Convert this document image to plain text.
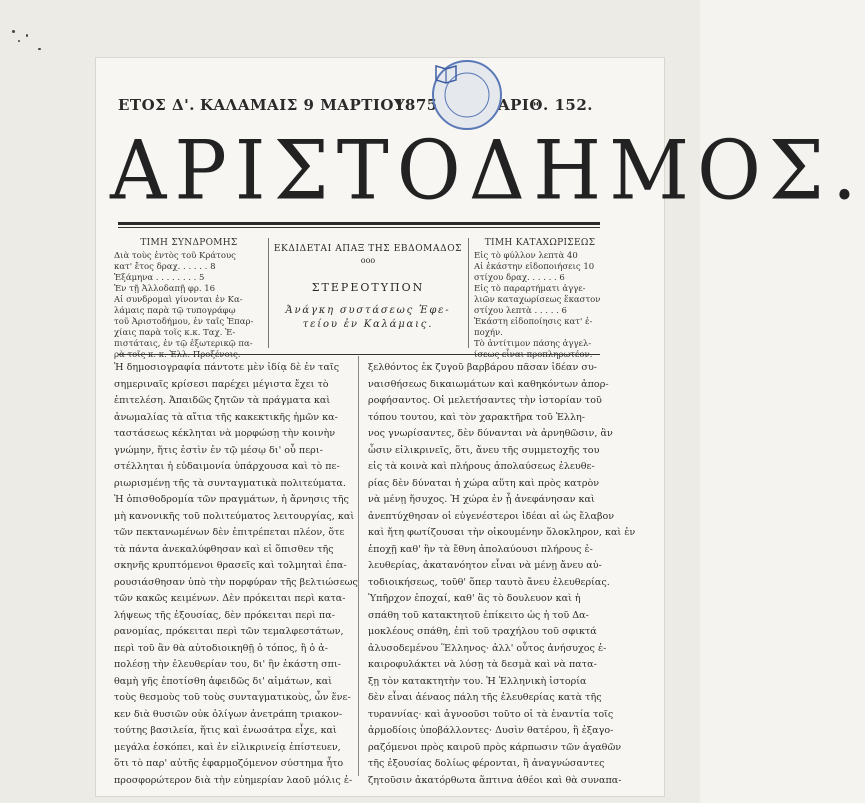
ΕΤΟΣ Δ'. ΚΑΛΑΜΑΙΣ 9 ΜΑΡΤΙΟΥ
1875	ΑΡΙΘ. 152.
ΑΡΙΣΤΟΔΗΜΟΣ.
ΤΙΜΗ ΣΥΝΔΡΟΜΗΣ
Διὰ τοὺς ἐντὸς τοῦ Κράτους
κατ' ἔτος δραχ. . . . . . 8
Ἑξάμηνα . . . . . . . . 5
Ἐν τῇ Ἀλλοδαπῇ φρ. 16
Αἱ συνδρομαὶ γίνονται ἐν Κα-
λάμαις παρὰ τῷ τυπογράφῳ
τοῦ Ἀριστοδήμου, ἐν ταῖς Ἐπαρ-
χίαις παρὰ τοῖς κ.κ. Ταχ. Ἐ-
πιστάταις, ἐν τῷ ἐξωτερικῷ πα-
ρὰ τοῖς κ. κ. Ἑλλ. Προξένοις.
ΕΚΔΙΔΕΤΑΙ ΑΠΑΞ ΤΗΣ ΕΒΔΟΜΑΔΟΣ
ooo
ΣΤΕΡΕΟΤΥΠΟΝ
Ἀνάγκη συστάσεως Ἐφε-
τείου ἐν Καλάμαις.
ΤΙΜΗ ΚΑΤΑΧΩΡΙΣΕΩΣ
Εἰς τὸ φύλλον λεπτὰ 40
Αἱ ἐκάστην εἰδοποιήσεις 10
στίχου δραχ. . . . . . 6
Εἰς τὸ παραρτήματι ἀγγε-
λιῶν καταχωρίσεως ἕκαστον
στίχου λεπτὰ . . . . . 6
Ἑκάστη εἰδοποίησις κατ' ἐ-
ποχήν.
Τὸ ἀντίτιμον πάσης ἀγγελ-
ίσεως εἶναι προπληρωτέον.
Ἡ δημοσιογραφία πάντοτε μὲν ἰδίᾳ δὲ ἐν ταῖς
σημεριναῖς κρίσεσι παρέχει μέγιστα ἔχει τὸ
ἐπιτελέση. Ἀπαιδῶς ζητῶν τὰ πράγματα καὶ
ἀνωμαλίας τὰ αἴτια τῆς κακεκτικῆς ἡμῶν κα-
ταστάσεως κέκληται νὰ μορφώσῃ τὴν κοινὴν
γνώμην, ἥτις ἐστὶν ἐν τῷ μέσῳ δι' οὗ περι-
στέλληται ἡ εὐδαιμονία ὑπάρχουσα καὶ τὸ πε-
ριωρισμένῃ τῆς τὰ συνταγματικὰ πολιτεύματα.
Ἡ ὀπισθοδρομία τῶν πραγμάτων, ἡ ἄρνησις τῆς
μὴ κανονικῆς τοῦ πολιτεύματος λειτουργίας, καὶ
τῶν πεκτανωμένων δὲν ἐπιτρέπεται πλέον, ὅτε
τὰ πάντα ἀνεκαλύφθησαν καὶ εἰ ὅπισθεν τῆς
σκηνῆς κρυπτόμενοι θρασεῖς καὶ τολμηταὶ ἐπα-
ρουσιάσθησαν ὑπὸ τὴν πορφύραν τῆς βελτιώσεως
τῶν κακῶς κειμένων. Δὲν πρόκειται περὶ κατα-
λήψεως τῆς ἐξουσίας, δὲν πρόκειται περὶ πα-
ρανομίας, πρόκειται περὶ τῶν τεμαλφεστάτων,
περὶ τοῦ ἂν θὰ αὐτοδιοικηθῇ ὁ τόπος, ἢ ὁ ἀ-
πολέσῃ τὴν ἐλευθερίαν του, δι' ἣν ἑκάστη σπι-
θαμὴ γῆς ἐποτίσθη ἀφειδῶς δι' αἱμάτων, καὶ
τοὺς θεσμοὺς τοῦ τοὺς συνταγματικοὺς, ὧν ἕνε-
κεν διὰ θυσιῶν οὐκ ὀλίγων ἀνετράπη τριακον-
τούτης βασιλεία, ἥτις καὶ ἐνωσάτρα εἶχε, καὶ
μεγάλα ἐσκόπει, καὶ ἐν εἰλικρινείᾳ ἐπίστευεν,
ὅτι τὸ παρ' αὐτῆς ἐφαρμοζόμενον σύστημα ἦτο
προσφορώτερον διὰ τὴν εὐημερίαν λαοῦ μόλις ἐ-
ξελθόντος ἐκ ζυγοῦ βαρβάρου πᾶσαν ἰδέαν συ-
ναισθήσεως δικαιωμάτων καὶ καθηκόντων ἀπορ-
ροφήσαντος. Οἱ μελετήσαντες τὴν ἱστορίαν τοῦ
τόπου τουτου, καὶ τὸν χαρακτῆρα τοῦ Ἑλλη-
νος γνωρίσαντες, δὲν δύνανται νὰ ἀρνηθῶσιν, ἂν
ὦσιν εἰλικρινεῖς, ὅτι, ἄνευ τῆς συμμετοχῆς του
εἰς τὰ κοινὰ καὶ πλήρους ἀπολαύσεως ἐλευθε-
ρίας δὲν δύναται ἡ χώρα αὕτη καὶ πρὸς κατρὸν
νὰ μένῃ ἥσυχος. Ἡ χώρα ἐν ᾗ ἀνεφάνησαν καὶ
ἀνεπτύχθησαν οἱ εὐγενέστεροι ἰδέαι αἱ ὡς ἔλαβον
καὶ ἤτη φωτίζουσαι τὴν οἰκουμένην ὅλοκληρον, καὶ ἐν
ἐποχῇ καθ' ἣν τὰ ἔθνη ἀπολαύουσι πλήρους ἐ-
λευθερίας, ἀκατανόητον εἶναι νὰ μένῃ ἄνευ αὐ-
τοδιοικήσεως, τοῦθ' ὅπερ ταυτὸ ἄνευ ἐλευθερίας.
Ὑπῆρχον ἐποχαί, καθ' ἃς τὸ δουλευον καὶ ἡ
σπάθη τοῦ κατακτητοῦ ἐπίκειτο ὡς ἡ τοῦ Δα-
μοκλέους σπάθη, ἐπὶ τοῦ τραχήλου τοῦ σφικτά
ἀλυσοδεμένου Ἕλληνος· ἀλλ' οὗτος ἀνήσυχος ἐ-
καιροφυλάκτει νὰ λύσῃ τὰ δεσμὰ καὶ νὰ πατα-
ξῃ τὸν κατακτητὴν του. Ἡ Ἑλληνικὴ ἱστορία
δὲν εἶναι ἀέναος πάλη τῆς ἐλευθερίας κατὰ τῆς
τυραννίας· καὶ ἀγνοοῦσι τοῦτο οἱ τὰ ἐναντία τοῖς
ἀρμοδίοις ὑποβάλλοντες· Δυσὶν θατέρου, ἢ ἐξαγο-
ραζόμενοι πρὸς καιροῦ πρὸς κάρπωσιν τῶν ἀγαθῶν
τῆς ἐξουσίας δολίως φέρονται, ἢ ἀναγνώσαντες
ζητοῦσιν ἀκατόρθωτα ἅπτινα ἀθέοι καὶ θὰ συναπα-
